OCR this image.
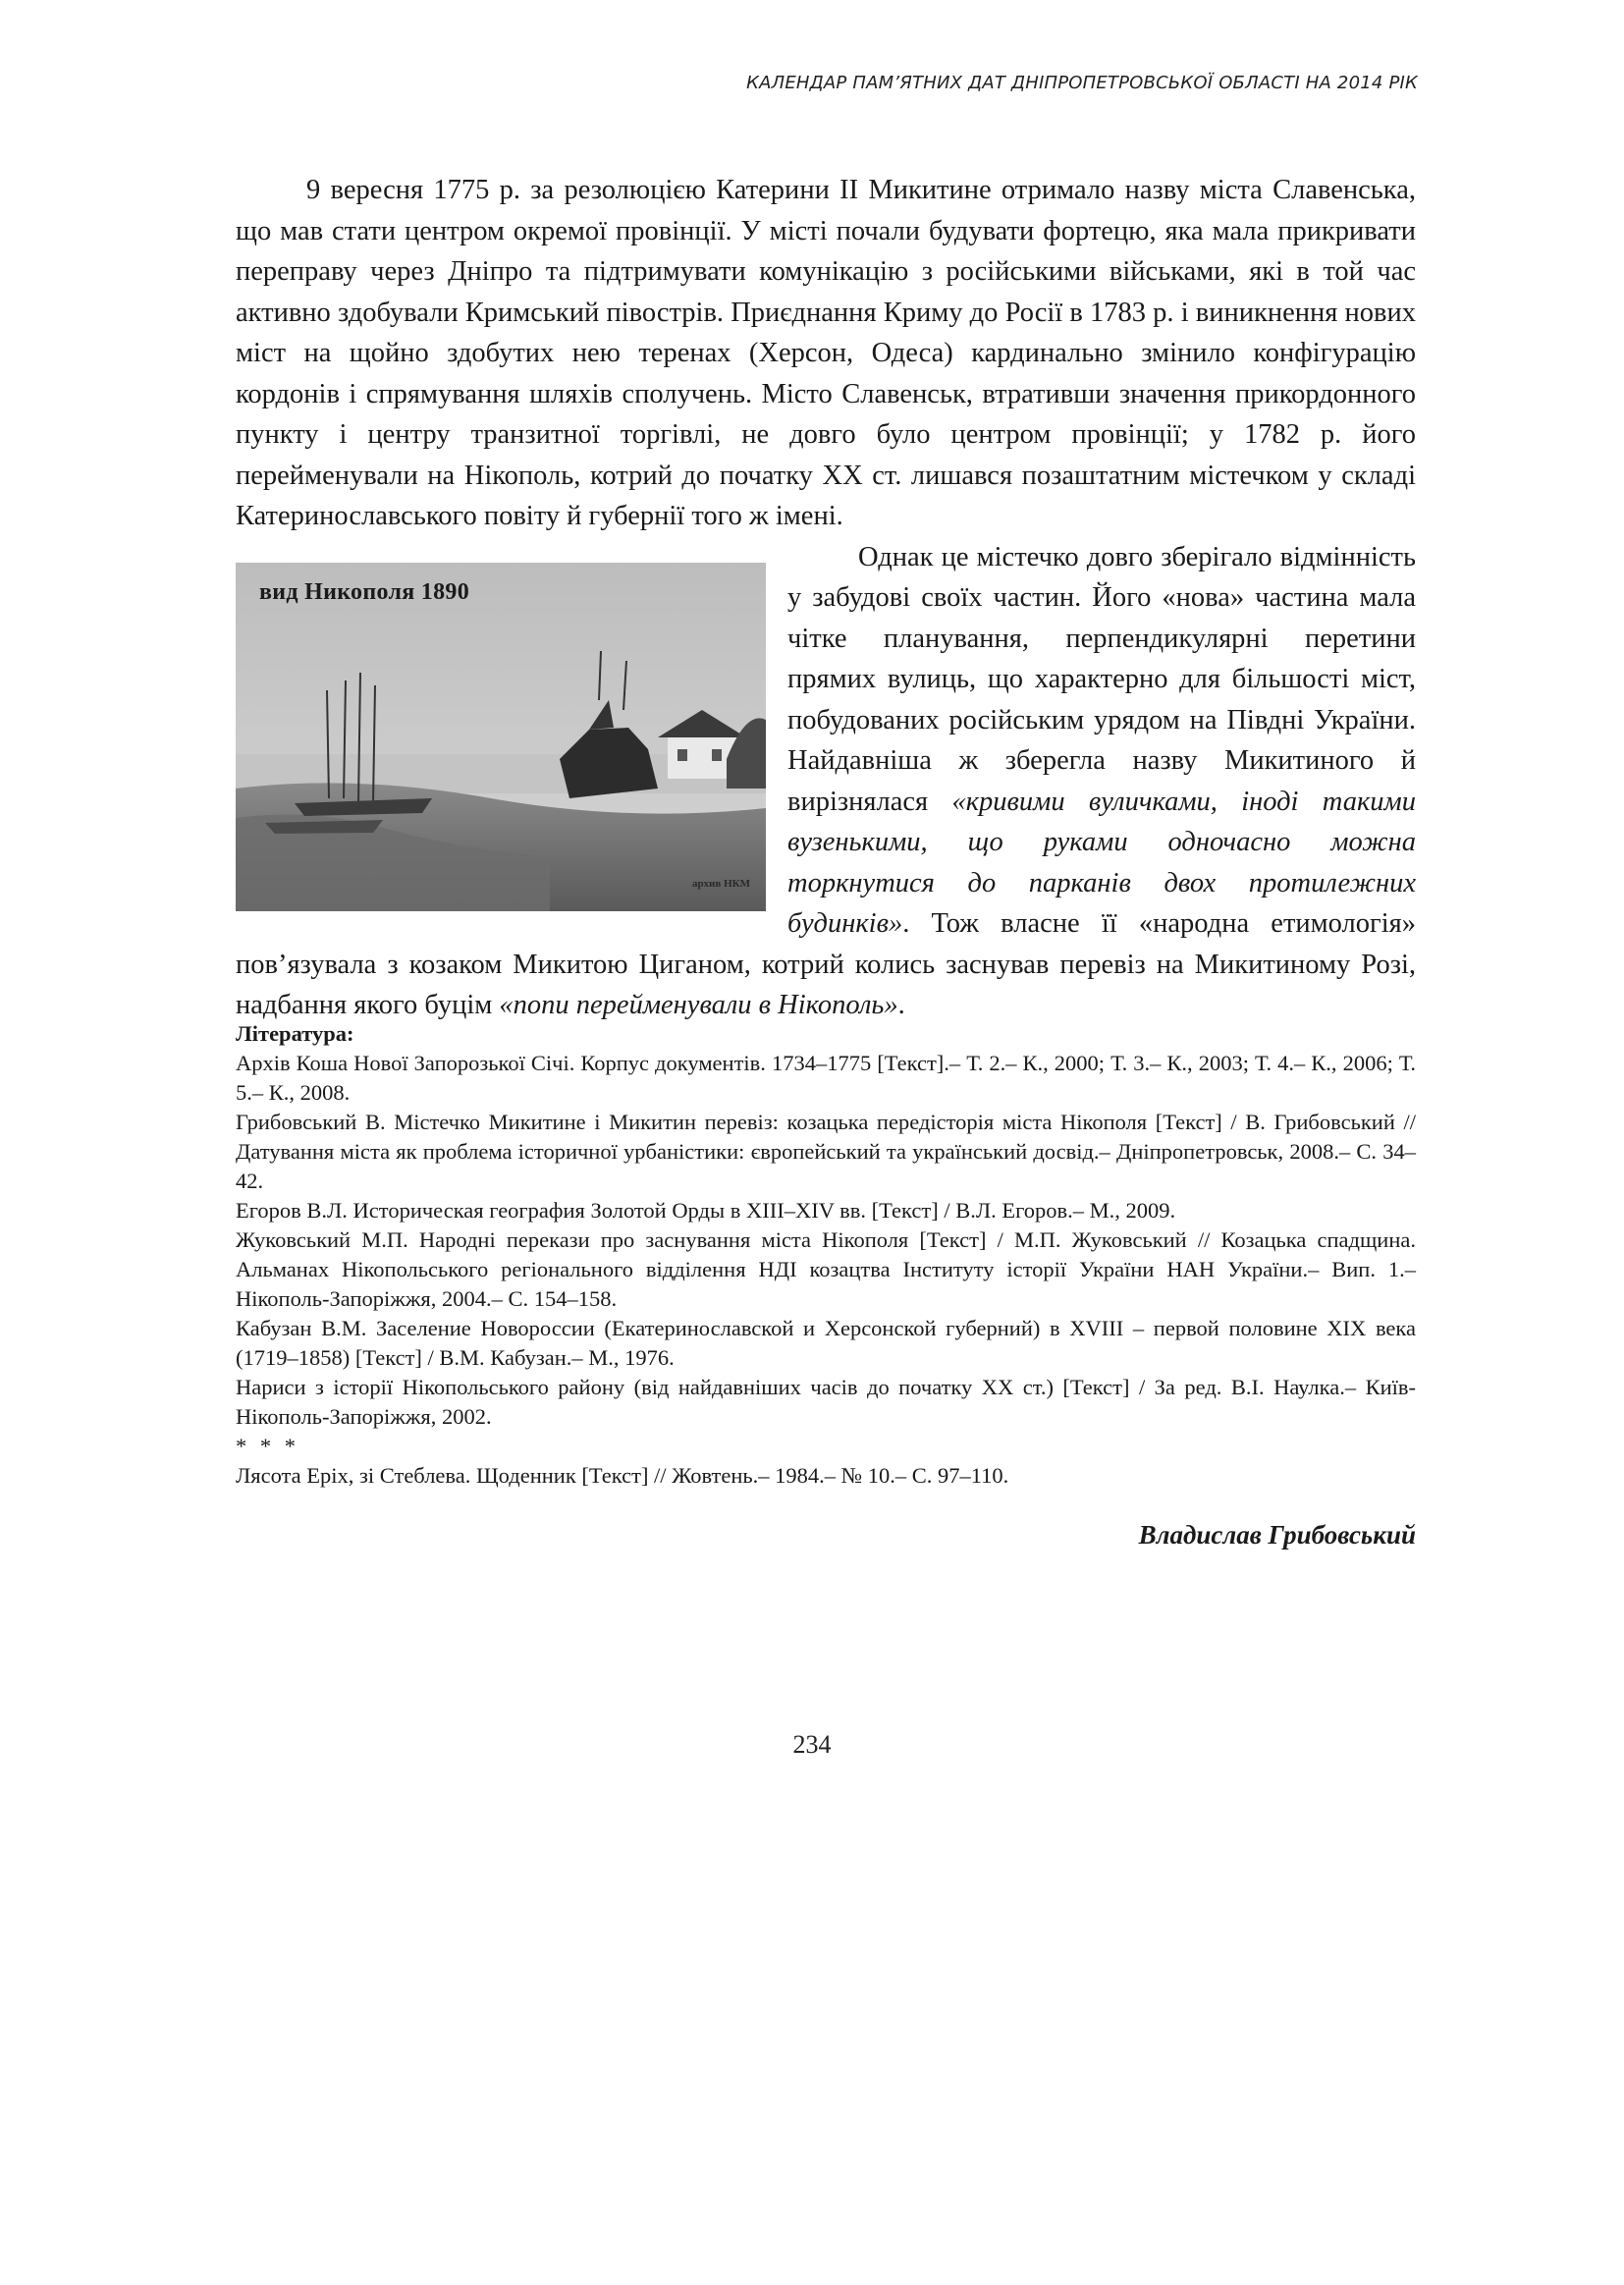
КАЛЕНДАР ПАМ’ЯТНИХ ДАТ ДНІПРОПЕТРОВСЬКОЇ ОБЛАСТІ НА 2014 РІК

9 вересня 1775 р. за резолюцією Катерини ІІ Микитине отримало назву міста Славенська, що мав стати центром окремої провінції. У місті почали будувати фортецю, яка мала прикривати переправу через Дніпро та підтримувати комунікацію з російськими військами, які в той час активно здобували Кримський півострів. Приєднання Криму до Росії в 1783 р. і виникнення нових міст на щойно здобутих нею теренах (Херсон, Одеса) кардинально змінило конфігурацію кордонів і спрямування шляхів сполучень. Місто Славенськ, втративши значення прикордонного пункту і центру транзитної торгівлі, не довго було центром провінції; у 1782 р. його перейменували на Нікополь, котрий до початку ХХ ст. лишався позаштатним містечком у складі Катеринославського повіту й губернії того ж імені.

вид Никополя 1890
архив НКМ

Однак це містечко довго зберігало відмінність у забудові своїх частин. Його «нова» частина мала чітке планування, перпендикулярні перетини прямих вулиць, що характерно для більшості міст, побудованих російським урядом на Півдні України. Найдавніша ж зберегла назву Микитиного й вирізнялася «кривими вуличками, іноді такими вузенькими, що руками одночасно можна торкнутися до парканів двох протилежних будинків». Тож власне її «народна етимологія» пов’язувала з козаком Микитою Циганом, котрий колись заснував перевіз на Микитиному Розі, надбання якого буцім «попи перейменували в Нікополь».

Література:

Архів Коша Нової Запорозької Січі. Корпус документів. 1734–1775 [Текст].– Т. 2.– К., 2000; Т. 3.– К., 2003; Т. 4.– К., 2006; Т. 5.– К., 2008.

Грибовський В. Містечко Микитине і Микитин перевіз: козацька передісторія міста Нікополя [Текст] / В. Грибовський // Датування міста як проблема історичної урбаністики: європейський та український досвід.– Дніпропетровськ, 2008.– С. 34–42.

Егоров В.Л. Историческая география Золотой Орды в XIII–XIV вв. [Текст] / В.Л. Егоров.– М., 2009.

Жуковський М.П. Народні перекази про заснування міста Нікополя [Текст] / М.П. Жуковський // Козацька спадщина. Альманах Нікопольського регіонального відділення НДІ козацтва Інституту історії України НАН України.– Вип. 1.– Нікополь-Запоріжжя, 2004.– С. 154–158.

Кабузан В.М. Заселение Новороссии (Екатеринославской и Херсонской губерний) в XVIII – первой половине XIX века (1719–1858) [Текст] / В.М. Кабузан.– М., 1976.

Нариси з історії Нікопольського району (від найдавніших часів до початку ХХ ст.) [Текст] / За ред. В.І. Наулка.– Київ-Нікополь-Запоріжжя, 2002.

* * *

Лясота Еріх, зі Стеблева. Щоденник [Текст] // Жовтень.– 1984.– № 10.– С. 97–110.

Владислав Грибовський

234
